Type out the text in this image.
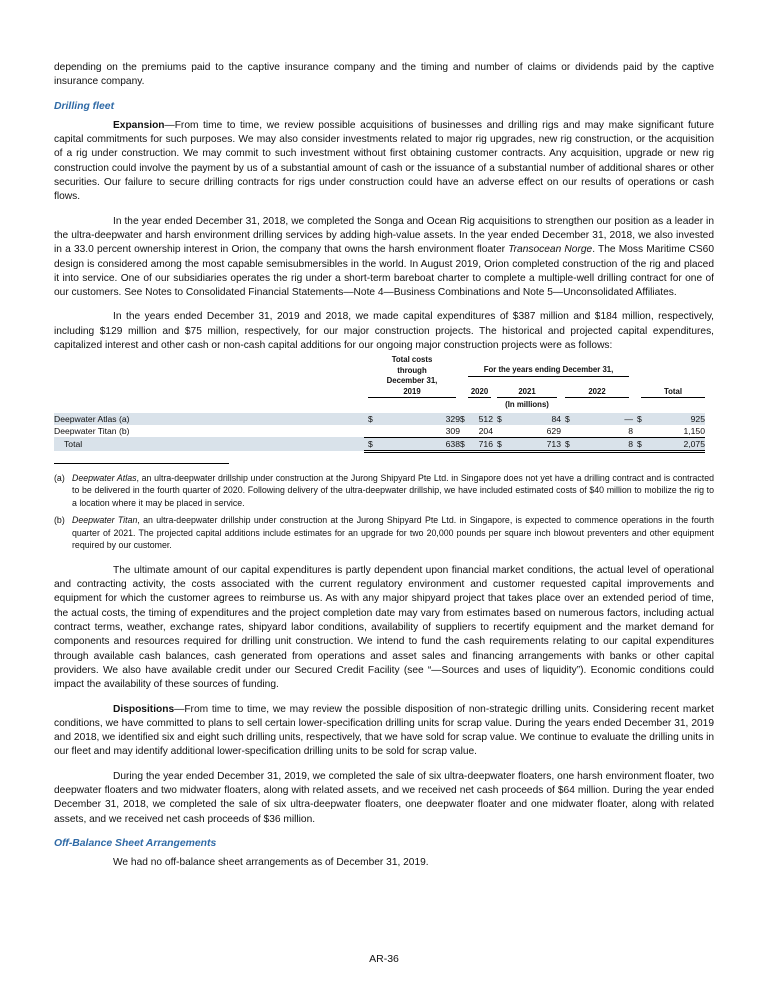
depending on the premiums paid to the captive insurance company and the timing and number of claims or dividends paid by the captive insurance company.

Drilling fleet

Expansion—From time to time, we review possible acquisitions of businesses and drilling rigs and may make significant future capital commitments for such purposes. We may also consider investments related to major rig upgrades, new rig construction, or the acquisition of a rig under construction. We may commit to such investment without first obtaining customer contracts. Any acquisition, upgrade or new rig construction could involve the payment by us of a substantial amount of cash or the issuance of a substantial number of additional shares or other securities. Our failure to secure drilling contracts for rigs under construction could have an adverse effect on our results of operations or cash flows.

In the year ended December 31, 2018, we completed the Songa and Ocean Rig acquisitions to strengthen our position as a leader in the ultra-deepwater and harsh environment drilling services by adding high-value assets. In the year ended December 31, 2018, we also invested in a 33.0 percent ownership interest in Orion, the company that owns the harsh environment floater Transocean Norge. The Moss Maritime CS60 design is considered among the most capable semisubmersibles in the world. In August 2019, Orion completed construction of the rig and placed it into service. One of our subsidiaries operates the rig under a short-term bareboat charter to complete a multiple-well drilling contract for one of our customers. See Notes to Consolidated Financial Statements—Note 4—Business Combinations and Note 5—Unconsolidated Affiliates.

In the years ended December 31, 2019 and 2018, we made capital expenditures of $387 million and $184 million, respectively, including $129 million and $75 million, respectively, for our major construction projects. The historical and projected capital expenditures, capitalized interest and other cash or non-cash capital additions for our ongoing major construction projects were as follows:

	Total costs through December 31, 2019		For the years ending December 31,							

			2020		2021		2022		Total	

					(In millions)					
Deepwater Atlas (a)	$	329	$	512	$	84	$	—	$	925
Deepwater Titan (b)		309		204		629		8		1,150
Total	$	638	$	716	$	713	$	8	$	2,075
(a) Deepwater Atlas, an ultra-deepwater drillship under construction at the Jurong Shipyard Pte Ltd. in Singapore does not yet have a drilling contract and is contracted to be delivered in the fourth quarter of 2020. Following delivery of the ultra-deepwater drillship, we have included estimated costs of $40 million to mobilize the rig to a location where it may be placed in service.
(b) Deepwater Titan, an ultra-deepwater drillship under construction at the Jurong Shipyard Pte Ltd. in Singapore, is expected to commence operations in the fourth quarter of 2021. The projected capital additions include estimates for an upgrade for two 20,000 pounds per square inch blowout preventers and other equipment required by our customer.

The ultimate amount of our capital expenditures is partly dependent upon financial market conditions, the actual level of operational and contracting activity, the costs associated with the current regulatory environment and customer requested capital improvements and equipment for which the customer agrees to reimburse us. As with any major shipyard project that takes place over an extended period of time, the actual costs, the timing of expenditures and the project completion date may vary from estimates based on numerous factors, including actual contract terms, weather, exchange rates, shipyard labor conditions, availability of suppliers to recertify equipment and the market demand for components and resources required for drilling unit construction. We intend to fund the cash requirements relating to our capital expenditures through available cash balances, cash generated from operations and asset sales and financing arrangements with banks or other capital providers. We also have available credit under our Secured Credit Facility (see “—Sources and uses of liquidity”). Economic conditions could impact the availability of these sources of funding.

Dispositions—From time to time, we may review the possible disposition of non-strategic drilling units. Considering recent market conditions, we have committed to plans to sell certain lower-specification drilling units for scrap value. During the years ended December 31, 2019 and 2018, we identified six and eight such drilling units, respectively, that we have sold for scrap value. We continue to evaluate the drilling units in our fleet and may identify additional lower-specification drilling units to be sold for scrap value.

During the year ended December 31, 2019, we completed the sale of six ultra-deepwater floaters, one harsh environment floater, two deepwater floaters and two midwater floaters, along with related assets, and we received net cash proceeds of $64 million. During the year ended December 31, 2018, we completed the sale of six ultra-deepwater floaters, one deepwater floater and one midwater floater, along with related assets, and we received net cash proceeds of $36 million.

Off-Balance Sheet Arrangements

We had no off-balance sheet arrangements as of December 31, 2019.

AR-36
